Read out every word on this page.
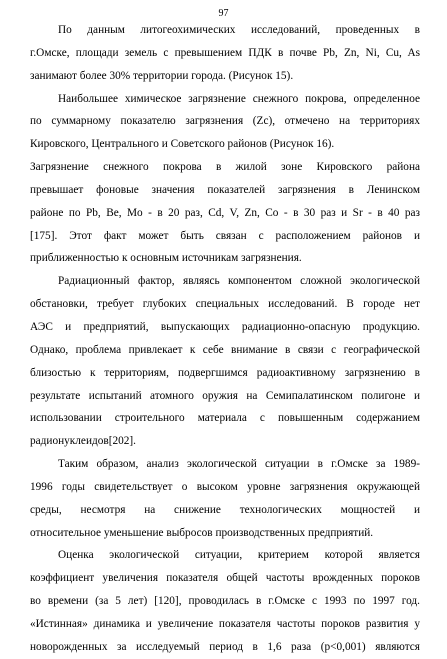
97
По данным литогеохимических исследований, проведенных в
г.Омске, площади земель с превышением ПДК в почве Pb, Zn, Ni, Cu, As
занимают более 30% территории города. (Рисунок 15).
Наибольшее химическое загрязнение снежного покрова, определенное
по суммарному показателю загрязнения (Zc), отмечено на территориях
Кировского, Центрального и Советского районов (Рисунок 16).
Загрязнение снежного покрова в жилой зоне Кировского района
превышает фоновые значения показателей загрязнения в Ленинском
районе по Pb, Be, Mo - в 20 раз, Cd, V, Zn, Co - в 30 раз и Sr - в 40 раз
[175]. Этот факт может быть связан с расположением районов и
приближенностью к основным источникам загрязнения.
Радиационный фактор, являясь компонентом сложной экологической
обстановки, требует глубоких специальных исследований. В городе нет
АЭС и предприятий, выпускающих радиационно-опасную продукцию.
Однако, проблема привлекает к себе внимание в связи с географической
близостью к территориям, подвергшимся радиоактивному загрязнению в
результате испытаний атомного оружия на Семипалатинском полигоне и
использовании строительного материала с повышенным содержанием
радионуклеидов[202].
Таким образом, анализ экологической ситуации в г.Омске за 1989-
1996 годы свидетельствует о высоком уровне загрязнения окружающей
среды, несмотря на снижение технологических мощностей и
относительное уменьшение выбросов производственных предприятий.
Оценка экологической ситуации, критерием которой является
коэффициент увеличения показателя общей частоты врожденных пороков
во времени (за 5 лет) [120], проводилась в г.Омске с 1993 по 1997 год.
«Истинная» динамика и увеличение показателя частоты пороков развития у
новорожденных за исследуемый период в 1,6 раза (р<0,001) являются
